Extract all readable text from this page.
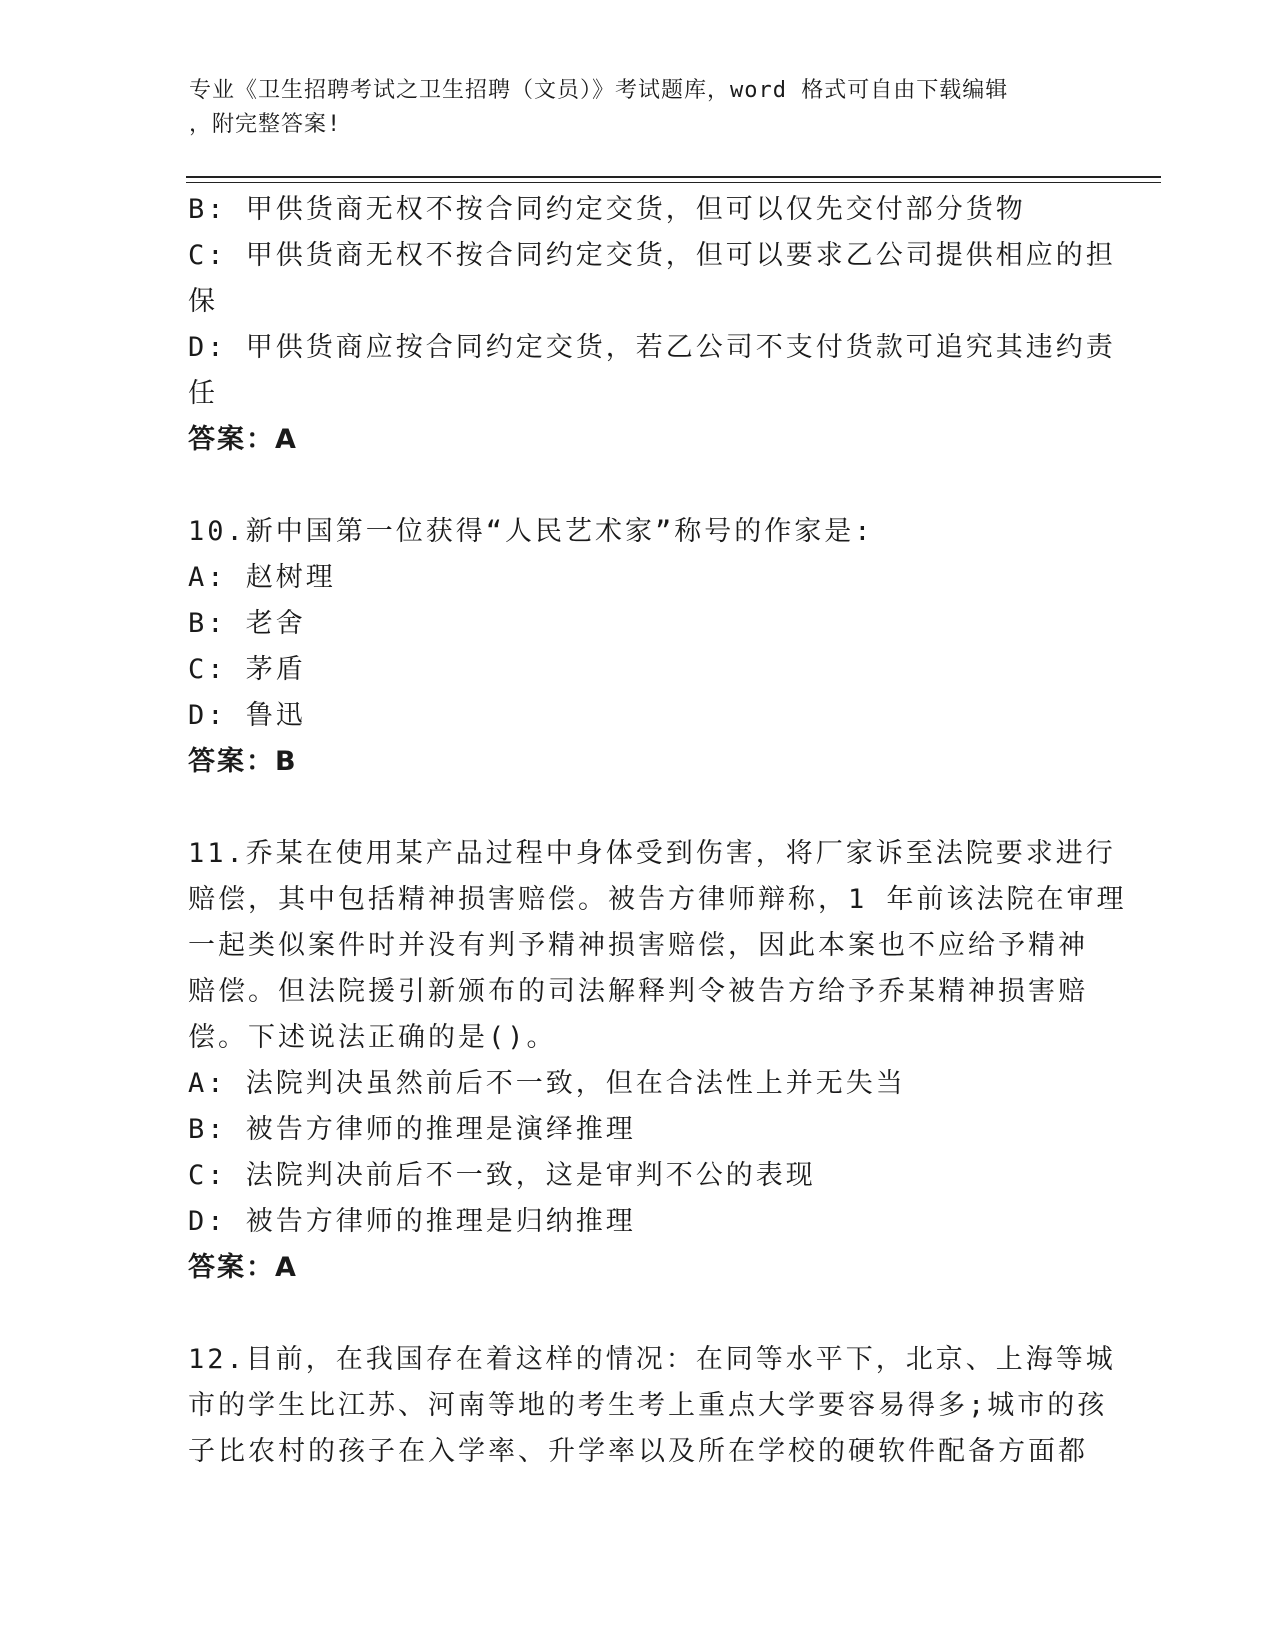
专业《卫生招聘考试之卫生招聘（文员）》考试题库，word 格式可自由下载编辑
，附完整答案!
B: 甲供货商无权不按合同约定交货，但可以仅先交付部分货物
C: 甲供货商无权不按合同约定交货，但可以要求乙公司提供相应的担
保
D: 甲供货商应按合同约定交货，若乙公司不支付货款可追究其违约责
任
答案：A
10.新中国第一位获得“人民艺术家”称号的作家是:
A: 赵树理
B: 老舍
C: 茅盾
D: 鲁迅
答案：B
11.乔某在使用某产品过程中身体受到伤害，将厂家诉至法院要求进行
赔偿，其中包括精神损害赔偿。被告方律师辩称，1 年前该法院在审理
一起类似案件时并没有判予精神损害赔偿，因此本案也不应给予精神
赔偿。但法院援引新颁布的司法解释判令被告方给予乔某精神损害赔
偿。下述说法正确的是()。
A: 法院判决虽然前后不一致，但在合法性上并无失当
B: 被告方律师的推理是演绎推理
C: 法院判决前后不一致，这是审判不公的表现
D: 被告方律师的推理是归纳推理
答案：A
12.目前，在我国存在着这样的情况：在同等水平下，北京、上海等城
市的学生比江苏、河南等地的考生考上重点大学要容易得多;城市的孩
子比农村的孩子在入学率、升学率以及所在学校的硬软件配备方面都
